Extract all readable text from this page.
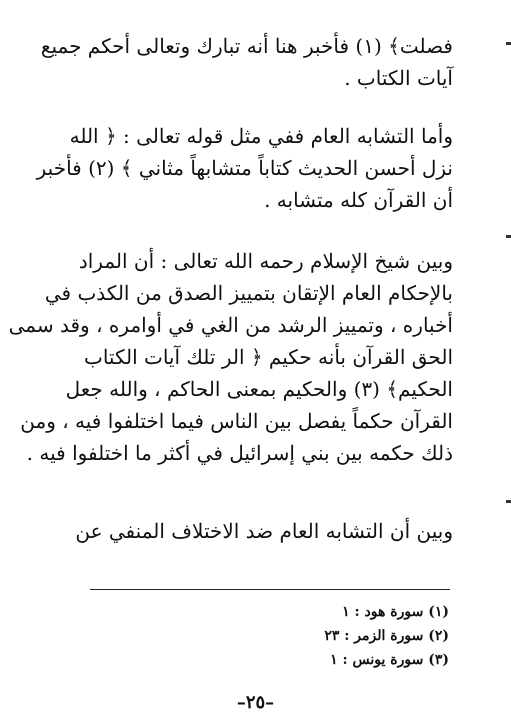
فصلت﴾ (١) فأخبر هنا أنه تبارك وتعالى أحكم جميع
آيات الكتاب .
وأما التشابه العام ففي مثل قوله تعالى : ﴿ الله
نزل أحسن الحديث كتاباً متشابهاً مثاني ﴾ (٢) فأخبر
أن القرآن كله متشابه .
وبين شيخ الإسلام رحمه الله تعالى : أن المراد
بالإحكام العام الإتقان بتمييز الصدق من الكذب في
أخباره ، وتمييز الرشد من الغي في أوامره ، وقد سمى
الحق القرآن بأنه حكيم ﴿ الر تلك آيات الكتاب
الحكيم﴾ (٣) والحكيم بمعنى الحاكم ، والله جعل
القرآن حكماً يفصل بين الناس فيما اختلفوا فيه ، ومن
ذلك حكمه بين بني إسرائيل في أكثر ما اختلفوا فيه .
وبين أن التشابه العام ضد الاختلاف المنفي عن
(١) سورة هود : ١
(٢) سورة الزمر : ٢٣
(٣) سورة يونس : ١
–٢٥–
